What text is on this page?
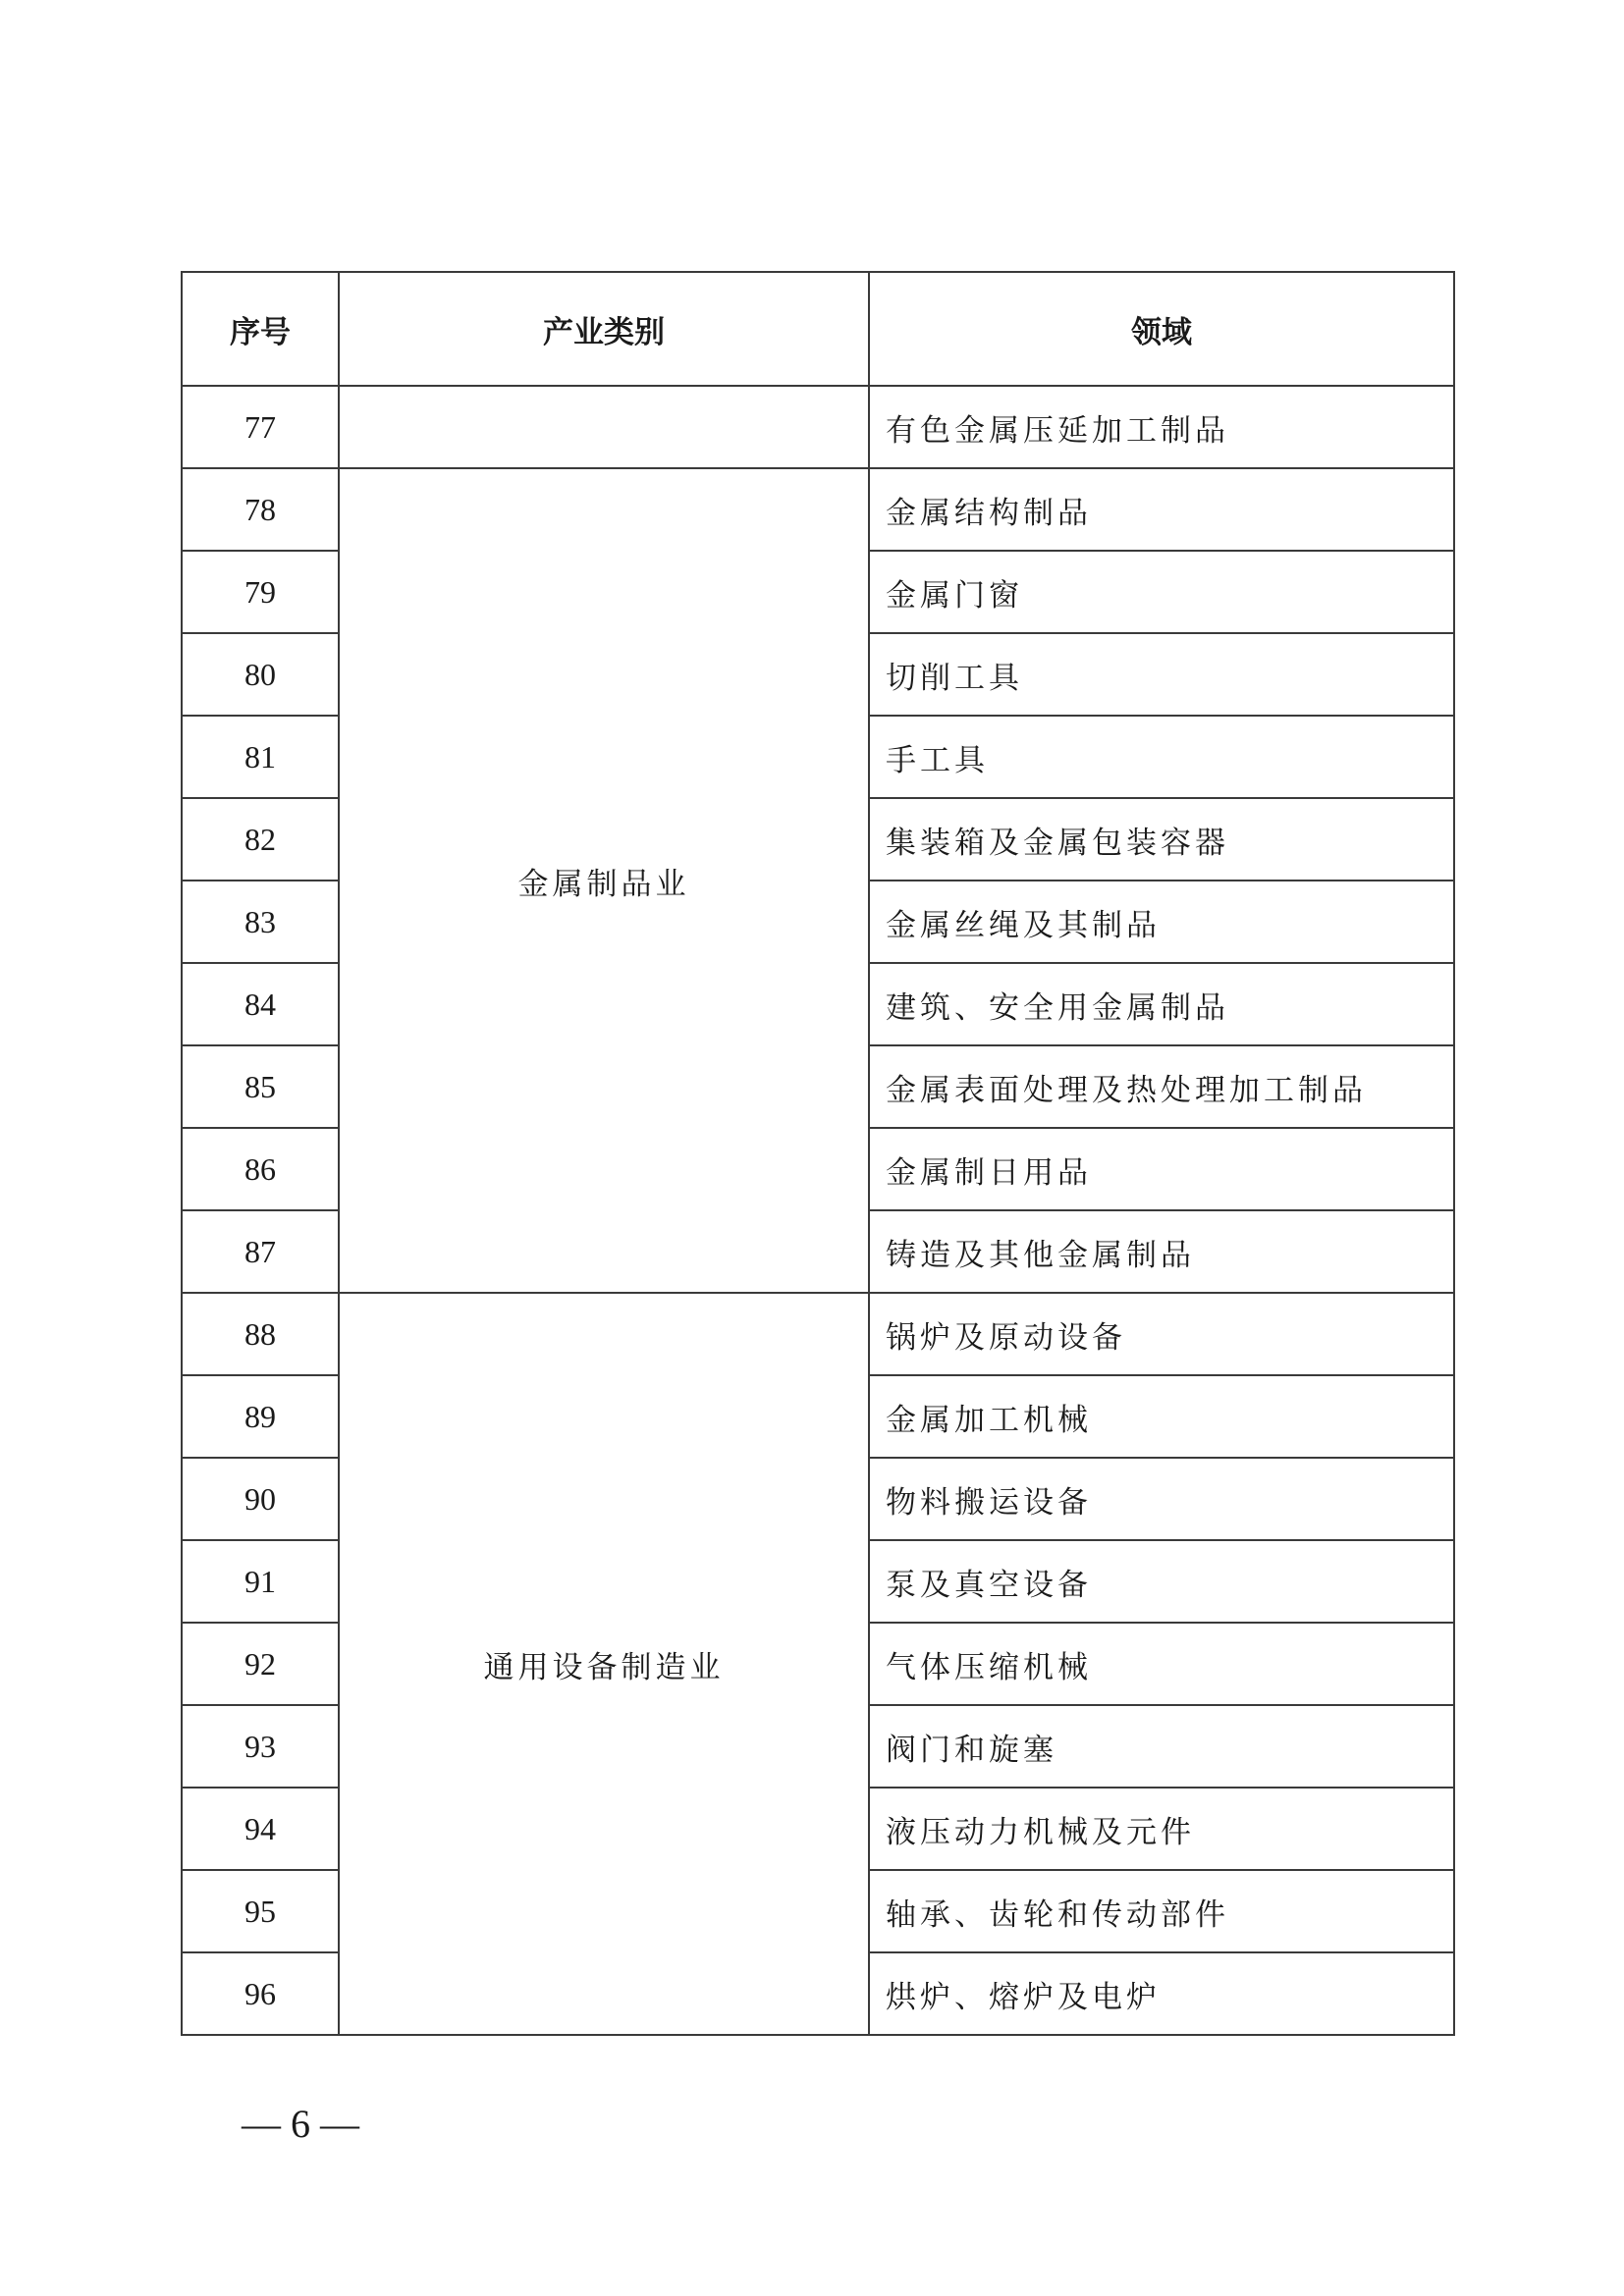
序号	产业类别	领域
77		有色金属压延加工制品
78	金属制品业	金属结构制品
79		金属门窗
80		切削工具
81		手工具
82		集装箱及金属包装容器
83		金属丝绳及其制品
84		建筑、安全用金属制品
85		金属表面处理及热处理加工制品
86		金属制日用品
87		铸造及其他金属制品
88	通用设备制造业	锅炉及原动设备
89		金属加工机械
90		物料搬运设备
91		泵及真空设备
92		气体压缩机械
93		阀门和旋塞
94		液压动力机械及元件
95		轴承、齿轮和传动部件
96		烘炉、熔炉及电炉
— 6 —
